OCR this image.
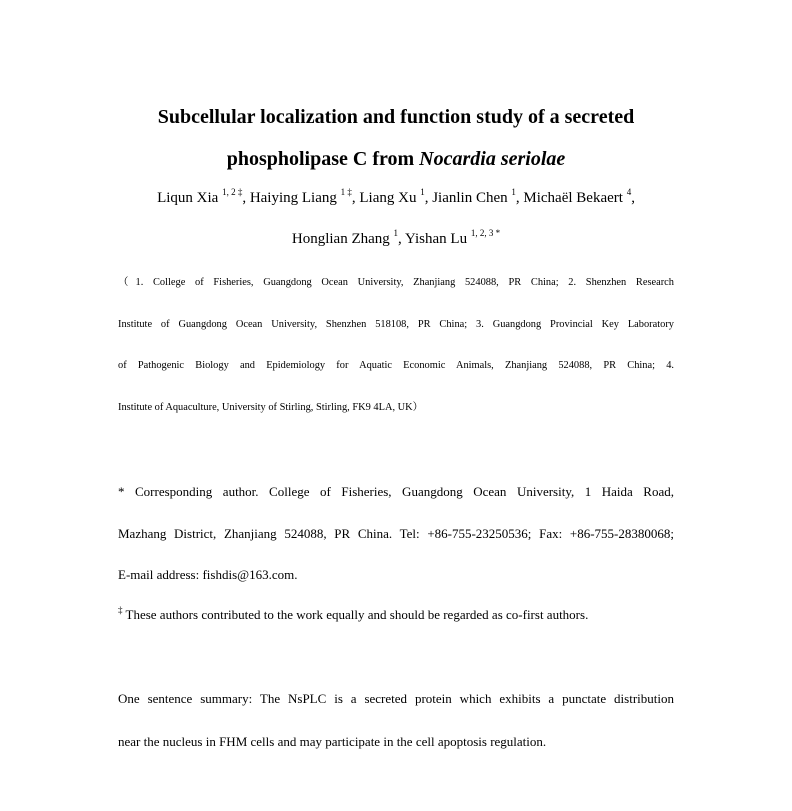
Subcellular localization and function study of a secreted
phospholipase C from Nocardia seriolae

Liqun Xia $^{1, 2 \ddagger}$, Haiying Liang $^{1 \ddagger}$, Liang Xu $^1$, Jianlin Chen $^1$, Michaël Bekaert $^4$,

Honglian Zhang $^1$, Yishan Lu $^{1, 2, 3 *}$

（1. College of Fisheries, Guangdong Ocean University, Zhanjiang 524088, PR China; 2. Shenzhen Research

Institute of Guangdong Ocean University, Shenzhen 518108, PR China; 3. Guangdong Provincial Key Laboratory

of Pathogenic Biology and Epidemiology for Aquatic Economic Animals, Zhanjiang 524088, PR China; 4.

Institute of Aquaculture, University of Stirling, Stirling, FK9 4LA, UK）

* Corresponding author. College of Fisheries, Guangdong Ocean University, 1 Haida Road,

Mazhang District, Zhanjiang 524088, PR China. Tel: +86-755-23250536; Fax: +86-755-28380068;

E-mail address: fishdis@163.com.

‡ These authors contributed to the work equally and should be regarded as co-first authors.

One sentence summary: The NsPLC is a secreted protein which exhibits a punctate distribution

near the nucleus in FHM cells and may participate in the cell apoptosis regulation.
